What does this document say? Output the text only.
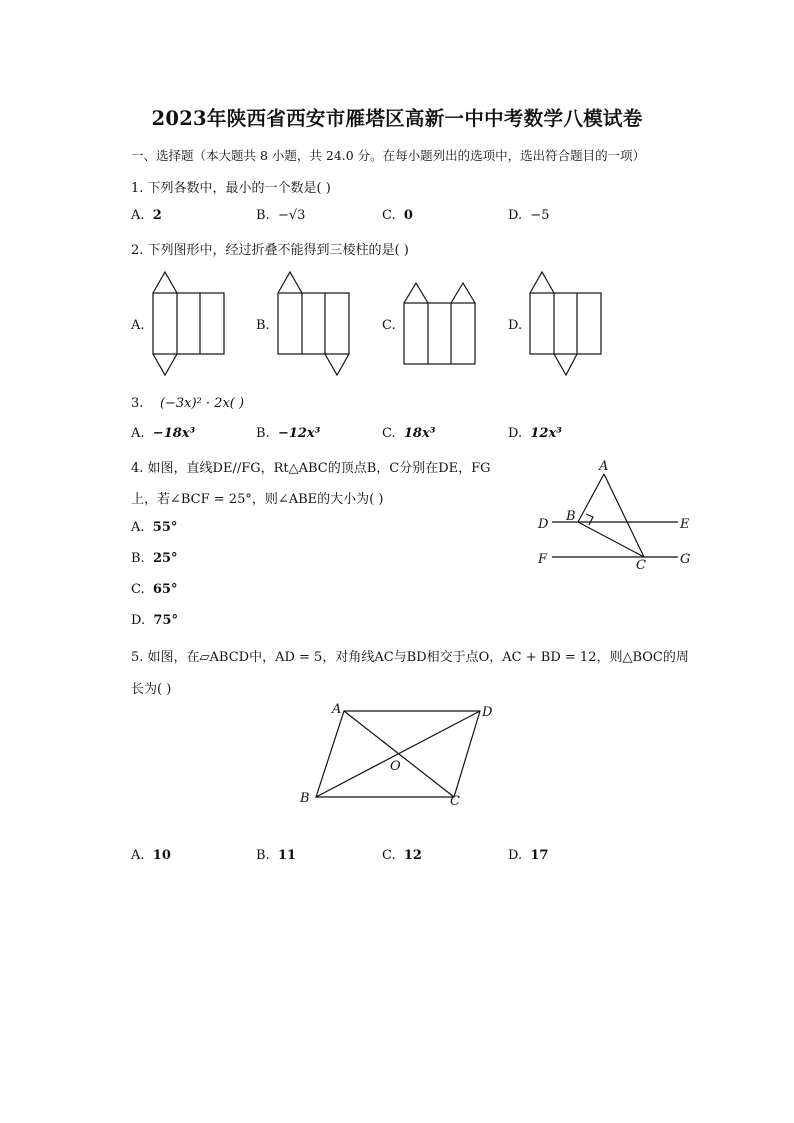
2023年陕西省西安市雁塔区高新一中中考数学八模试卷
一、选择题（本大题共 8 小题，共 24.0 分。在每小题列出的选项中，选出符合题目的一项）
1. 下列各数中，最小的一个数是( )
A. 2	B. −√3	C. 0	D. −5
2. 下列图形中，经过折叠不能得到三棱柱的是( )
A.	B.	C.	D.
3. (−3x)² · 2x( )
A. −18x³	B. −12x³	C. 18x³	D. 12x³
4. 如图，直线DE//FG，Rt△ABC的顶点B，C分别在DE，FG
上，若∠BCF = 25°，则∠ABE的大小为( )
A. 55°
B. 25°
C. 65°
D. 75°
A
B
C
D	E
F	G
5. 如图，在▱ABCD中，AD = 5，对角线AC与BD相交于点O，AC + BD = 12，则△BOC的周
长为( )
A	D
B	C
O
A. 10	B. 11	C. 12	D. 17
